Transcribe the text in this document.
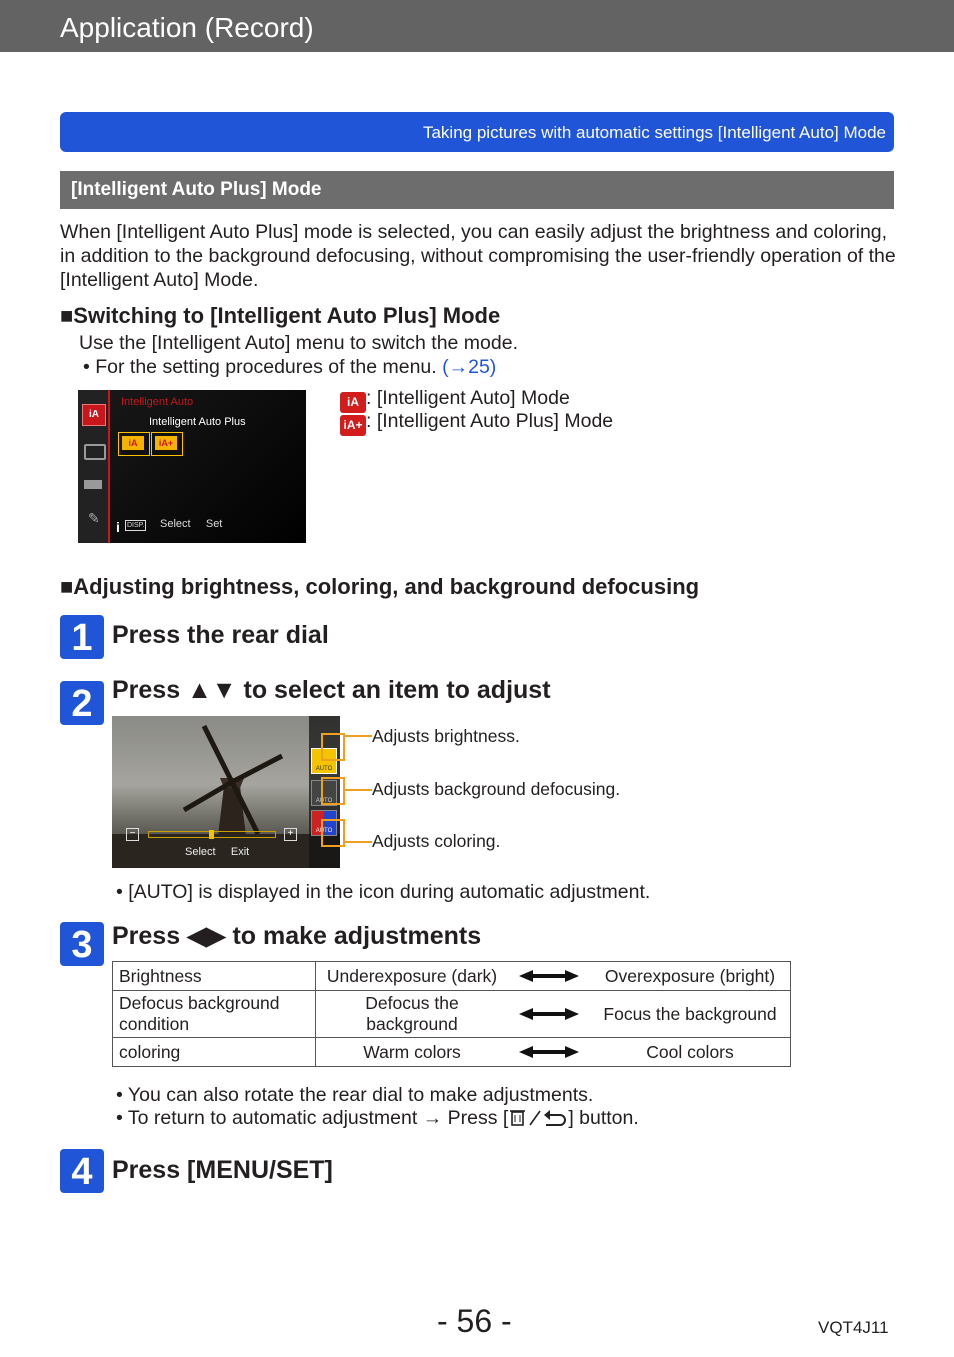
Application (Record)
Taking pictures with automatic settings [Intelligent Auto] Mode
[Intelligent Auto Plus] Mode
When [Intelligent Auto Plus] mode is selected, you can easily adjust the brightness and coloring, in addition to the background defocusing, without compromising the user-friendly operation of the [Intelligent Auto] Mode.
■Switching to [Intelligent Auto Plus] Mode
Use the [Intelligent Auto] menu to switch the mode.
• For the setting procedures of the menu. (→25)
iA
✎
Intelligent Auto
Intelligent Auto Plus
iA	iA+
i DISP. Select     Set
iA : [Intelligent Auto] Mode
iA+ : [Intelligent Auto Plus] Mode
■Adjusting brightness, coloring, and background defocusing
1 Press the rear dial
2 Press ▲▼ to select an item to adjust
AUTO
AUTO
AUTO
−	+
Select     Exit
Adjusts brightness.
Adjusts background defocusing.
Adjusts coloring.
• [AUTO] is displayed in the icon during automatic adjustment.
3 Press ◀▶ to make adjustments
Brightness	Underexposure (dark)		Overexposure (bright)
Defocus background condition	Defocus the background		Focus the background
coloring	Warm colors		Cool colors
• You can also rotate the rear dial to make adjustments.
• To return to automatic adjustment → Press [	] button.
4 Press [MENU/SET]
- 56 -	VQT4J11
